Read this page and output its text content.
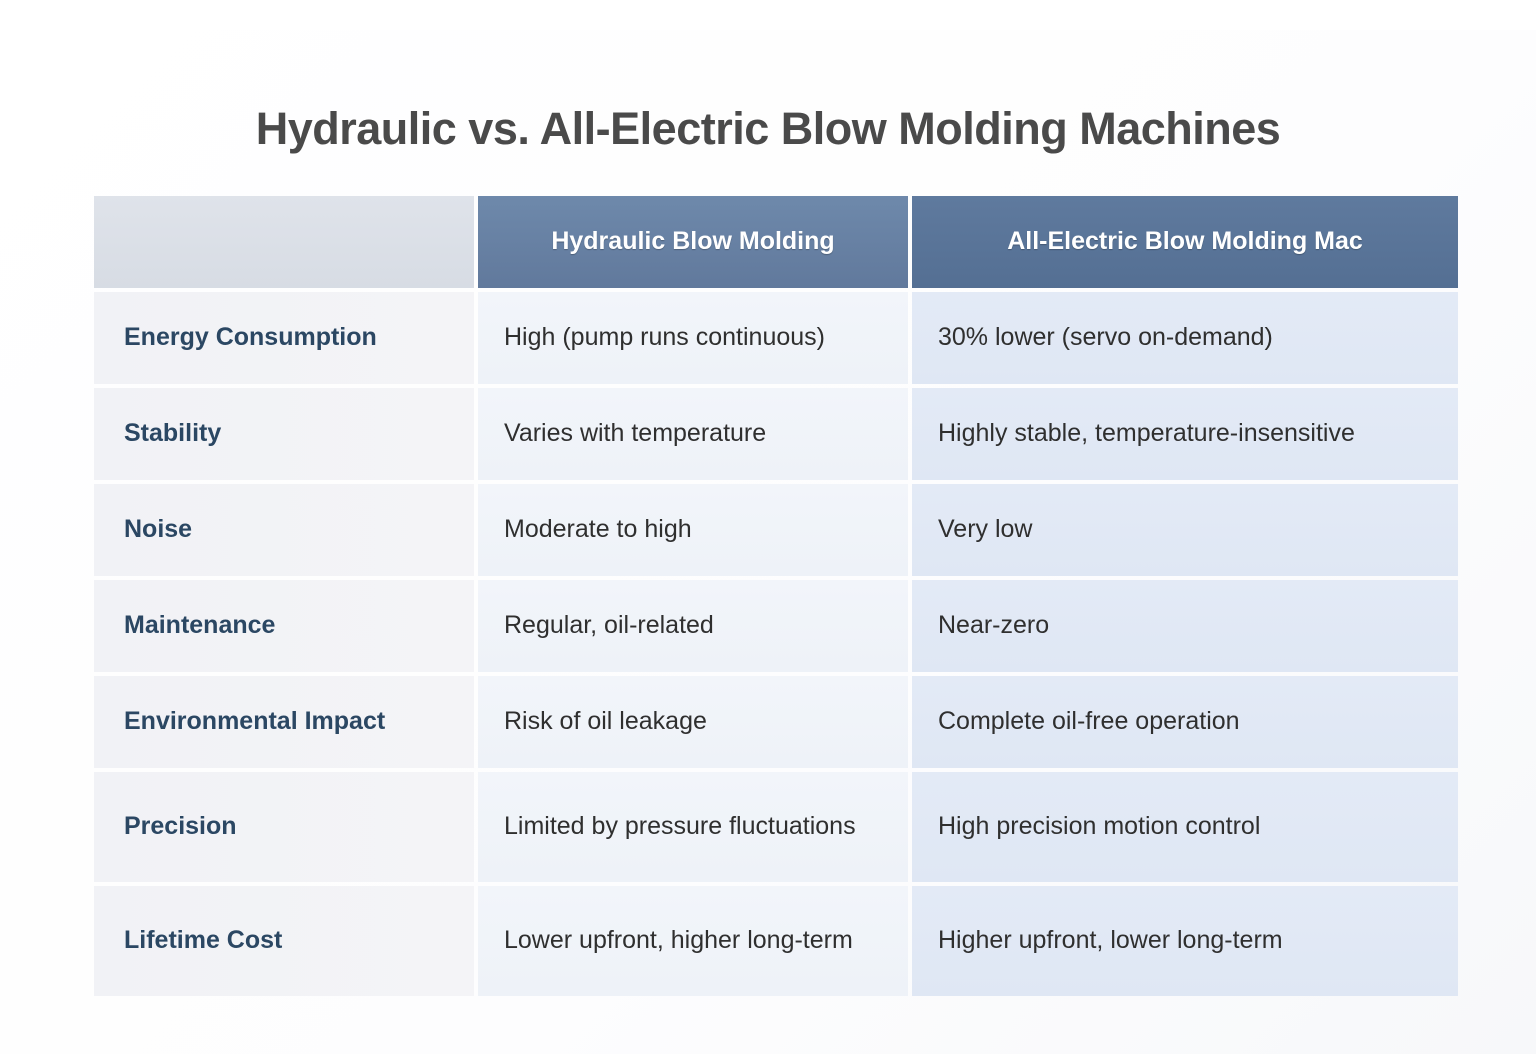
Hydraulic vs. All-Electric Blow Molding Machines
	Hydraulic Blow Molding	All-Electric Blow Molding Mac
Energy Consumption	High (pump runs continuous)	30% lower (servo on-demand)
Stability	Varies with temperature	Highly stable, temperature-insensitive
Noise	Moderate to high	Very low
Maintenance	Regular, oil-related	Near-zero
Environmental Impact	Risk of oil leakage	Complete oil-free operation
Precision	Limited by pressure fluctuations	High precision motion control
Lifetime Cost	Lower upfront, higher long-term	Higher upfront, lower long-term
